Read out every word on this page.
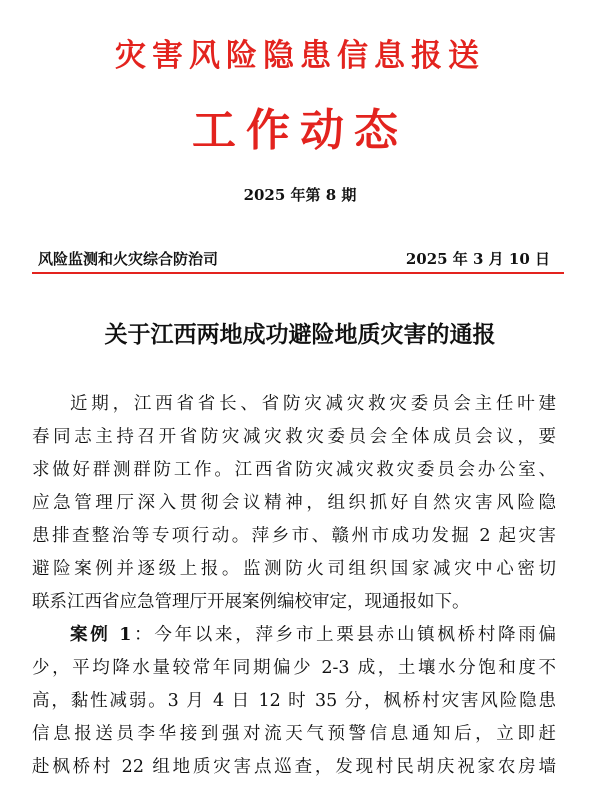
灾害风险隐患信息报送
工作动态
2025 年第 8 期
风险监测和火灾综合防治司	2025 年 3 月 10 日
关于江西两地成功避险地质灾害的通报
近期，江西省省长、省防灾减灾救灾委员会主任叶建
春同志主持召开省防灾减灾救灾委员会全体成员会议，要
求做好群测群防工作。江西省防灾减灾救灾委员会办公室、
应急管理厅深入贯彻会议精神，组织抓好自然灾害风险隐
患排查整治等专项行动。萍乡市、赣州市成功发掘 2 起灾害
避险案例并逐级上报。监测防火司组织国家减灾中心密切
联系江西省应急管理厅开展案例编校审定，现通报如下。
案例 1：今年以来，萍乡市上栗县赤山镇枫桥村降雨偏
少，平均降水量较常年同期偏少 2-3 成，土壤水分饱和度不
高，黏性减弱。3 月 4 日 12 时 35 分，枫桥村灾害风险隐患
信息报送员李华接到强对流天气预警信息通知后，立即赶
赴枫桥村 22 组地质灾害点巡查，发现村民胡庆祝家农房墙
